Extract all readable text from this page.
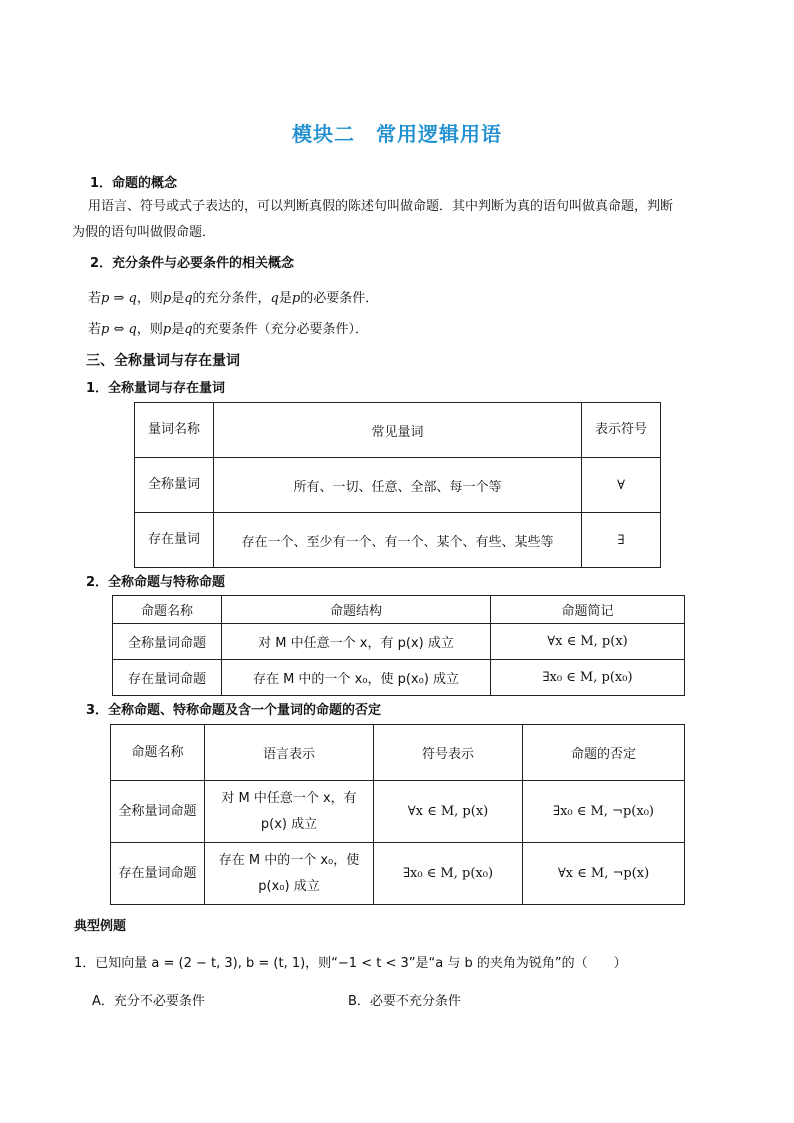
模块二　常用逻辑用语
1．命题的概念
用语言、符号或式子表达的，可以判断真假的陈述句叫做命题．其中判断为真的语句叫做真命题，判断
为假的语句叫做假命题．
2．充分条件与必要条件的相关概念
若p ⇒ q，则p是q的充分条件，q是p的必要条件．
若p ⇔ q，则p是q的充要条件（充分必要条件）．
三、全称量词与存在量词
1．全称量词与存在量词
量词名称	常见量词	表示符号
全称量词	所有、一切、任意、全部、每一个等	∀
存在量词	存在一个、至少有一个、有一个、某个、有些、某些等	∃
2．全称命题与特称命题
命题名称	命题结构	命题简记
全称量词命题	对 M 中任意一个 x，有 p(x) 成立	∀x ∈ M, p(x)
存在量词命题	存在 M 中的一个 x₀，使 p(x₀) 成立	∃x₀ ∈ M, p(x₀)
3．全称命题、特称命题及含一个量词的命题的否定
命题名称	语言表示	符号表示	命题的否定
全称量词命题	对 M 中任意一个 x，有 p(x) 成立	∀x ∈ M, p(x)	∃x₀ ∈ M, ¬p(x₀)
存在量词命题	存在 M 中的一个 x₀，使 p(x₀) 成立	∃x₀ ∈ M, p(x₀)	∀x ∈ M, ¬p(x)
典型例题
1．已知向量 a = (2 − t, 3), b = (t, 1)，则“−1 < t < 3”是“a 与 b 的夹角为锐角”的（　　）
A．充分不必要条件	B．必要不充分条件
